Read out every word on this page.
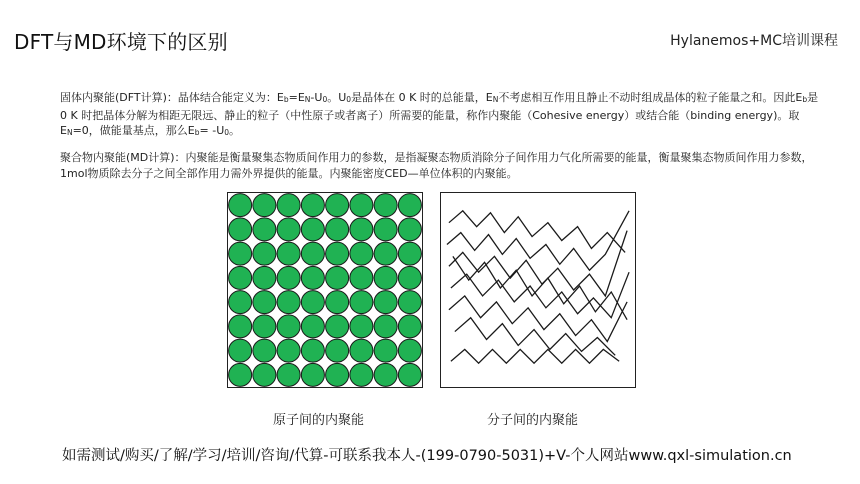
DFT与MD环境下的区别	Hylanemos+MC培训课程
固体内聚能(DFT计算)：晶体结合能定义为：$E_b=E_N-U_0$。$U_0$是晶体在 0 K 时的总能量，$E_N$不考虑相互作用且静止不动时组成晶体的粒子能量之和。因此$E_b$是 0 K 时把晶体分解为相距无限远、静止的粒子（中性原子或者离子）所需要的能量，称作内聚能（Cohesive energy）或结合能（binding energy)。取$E_N=0$，做能量基点，那么$E_b= -U_0$。
聚合物内聚能(MD计算)：内聚能是衡量聚集态物质间作用力的参数，是指凝聚态物质消除分子间作用力气化所需要的能量，衡量聚集态物质间作用力参数，1mol物质除去分子之间全部作用力需外界提供的能量。内聚能密度CED—单位体积的内聚能。
原子间的内聚能	分子间的内聚能
如需测试/购买/了解/学习/培训/咨询/代算-可联系我本人-(199-0790-5031)+V-个人网站www.qxl-simulation.cn
